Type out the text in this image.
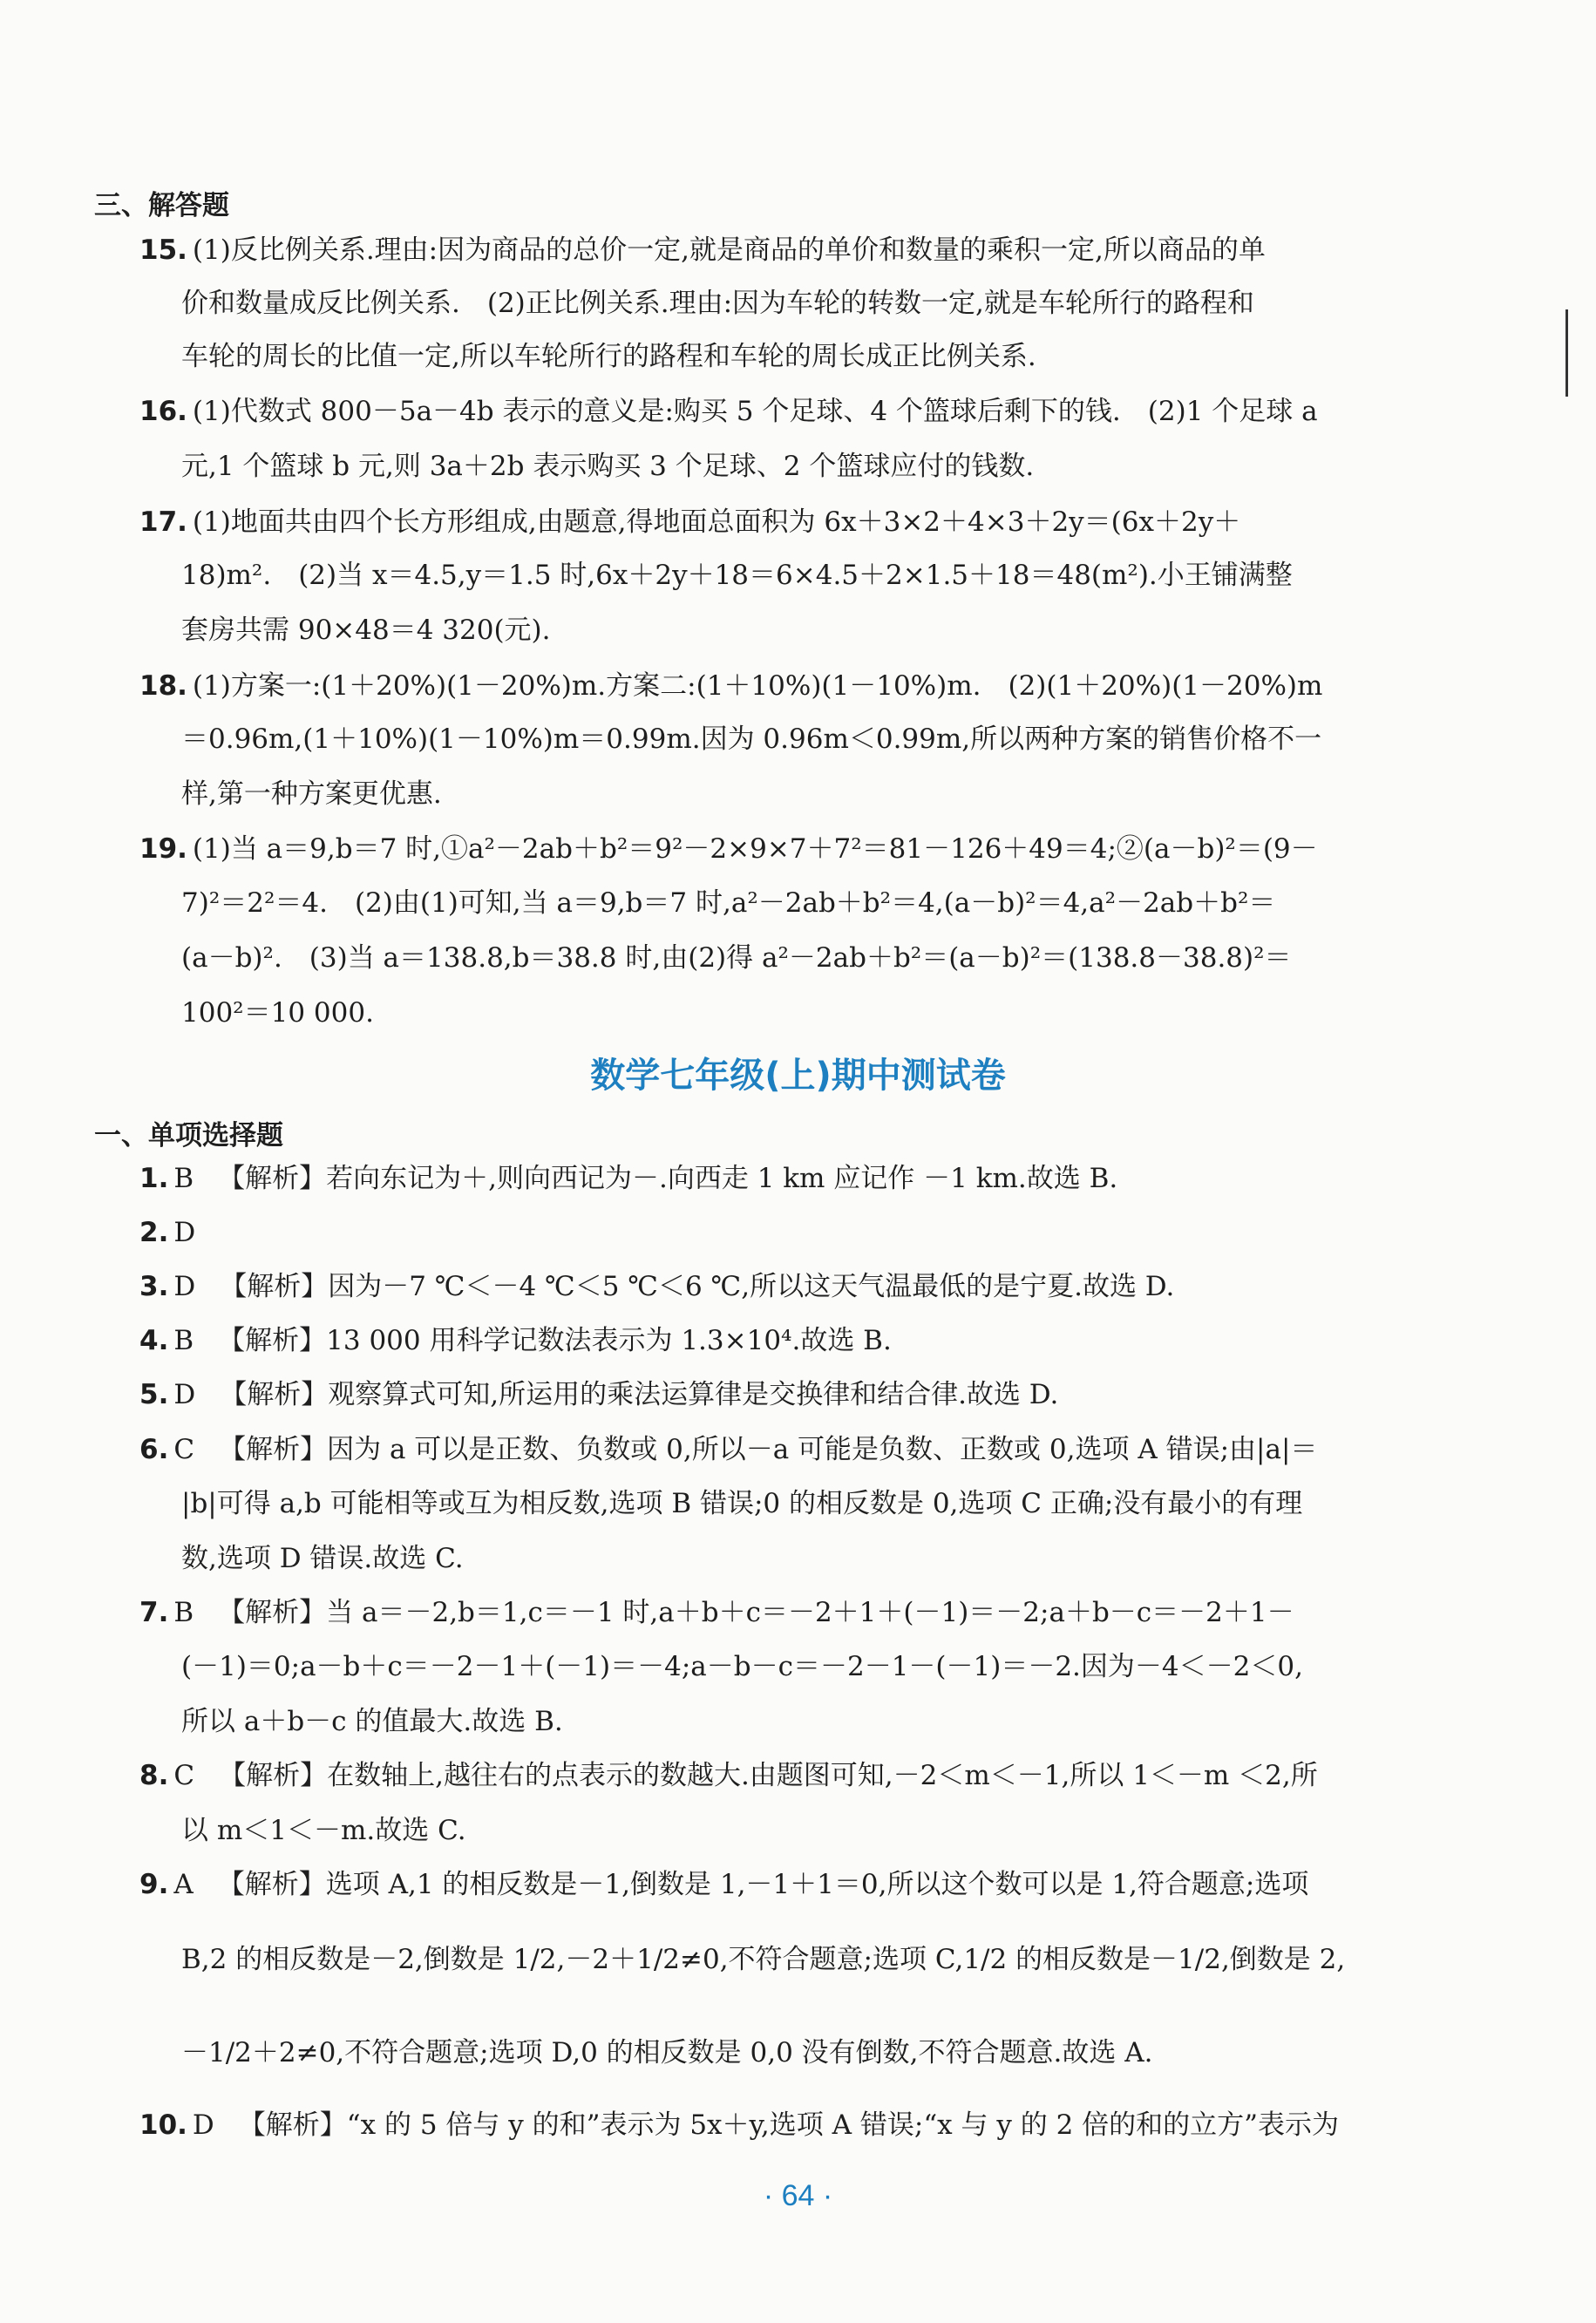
三、解答题
15. (1)反比例关系.理由:因为商品的总价一定,就是商品的单价和数量的乘积一定,所以商品的单
价和数量成反比例关系.　(2)正比例关系.理由:因为车轮的转数一定,就是车轮所行的路程和
车轮的周长的比值一定,所以车轮所行的路程和车轮的周长成正比例关系.
16. (1)代数式 800－5a－4b 表示的意义是:购买 5 个足球、4 个篮球后剩下的钱.　(2)1 个足球 a
元,1 个篮球 b 元,则 3a＋2b 表示购买 3 个足球、2 个篮球应付的钱数.
17. (1)地面共由四个长方形组成,由题意,得地面总面积为 6x＋3×2＋4×3＋2y＝(6x＋2y＋
18)m².　(2)当 x＝4.5,y＝1.5 时,6x＋2y＋18＝6×4.5＋2×1.5＋18＝48(m²).小王铺满整
套房共需 90×48＝4 320(元).
18. (1)方案一:(1＋20%)(1－20%)m.方案二:(1＋10%)(1－10%)m.　(2)(1＋20%)(1－20%)m
＝0.96m,(1＋10%)(1－10%)m＝0.99m.因为 0.96m＜0.99m,所以两种方案的销售价格不一
样,第一种方案更优惠.
19. (1)当 a＝9,b＝7 时,①a²－2ab＋b²＝9²－2×9×7＋7²＝81－126＋49＝4;②(a－b)²＝(9－
7)²＝2²＝4.　(2)由(1)可知,当 a＝9,b＝7 时,a²－2ab＋b²＝4,(a－b)²＝4,a²－2ab＋b²＝
(a－b)².　(3)当 a＝138.8,b＝38.8 时,由(2)得 a²－2ab＋b²＝(a－b)²＝(138.8－38.8)²＝
100²＝10 000.
数学七年级(上)期中测试卷
一、单项选择题
1. B 【解析】若向东记为＋,则向西记为－.向西走 1 km 应记作 －1 km.故选 B.
2. D
3. D 【解析】因为－7 ℃＜－4 ℃＜5 ℃＜6 ℃,所以这天气温最低的是宁夏.故选 D.
4. B 【解析】13 000 用科学记数法表示为 1.3×10⁴.故选 B.
5. D 【解析】观察算式可知,所运用的乘法运算律是交换律和结合律.故选 D.
6. C 【解析】因为 a 可以是正数、负数或 0,所以－a 可能是负数、正数或 0,选项 A 错误;由|a|＝
|b|可得 a,b 可能相等或互为相反数,选项 B 错误;0 的相反数是 0,选项 C 正确;没有最小的有理
数,选项 D 错误.故选 C.
7. B 【解析】当 a＝－2,b＝1,c＝－1 时,a＋b＋c＝－2＋1＋(－1)＝－2;a＋b－c＝－2＋1－
(－1)＝0;a－b＋c＝－2－1＋(－1)＝－4;a－b－c＝－2－1－(－1)＝－2.因为－4＜－2＜0,
所以 a＋b－c 的值最大.故选 B.
8. C 【解析】在数轴上,越往右的点表示的数越大.由题图可知,－2＜m＜－1,所以 1＜－m ＜2,所
以 m＜1＜－m.故选 C.
9. A 【解析】选项 A,1 的相反数是－1,倒数是 1,－1＋1＝0,所以这个数可以是 1,符合题意;选项
B,2 的相反数是－2,倒数是 1/2,－2＋1/2≠0,不符合题意;选项 C,1/2 的相反数是－1/2,倒数是 2,
－1/2＋2≠0,不符合题意;选项 D,0 的相反数是 0,0 没有倒数,不符合题意.故选 A.
10. D 【解析】“x 的 5 倍与 y 的和”表示为 5x＋y,选项 A 错误;“x 与 y 的 2 倍的和的立方”表示为
· 64 ·
